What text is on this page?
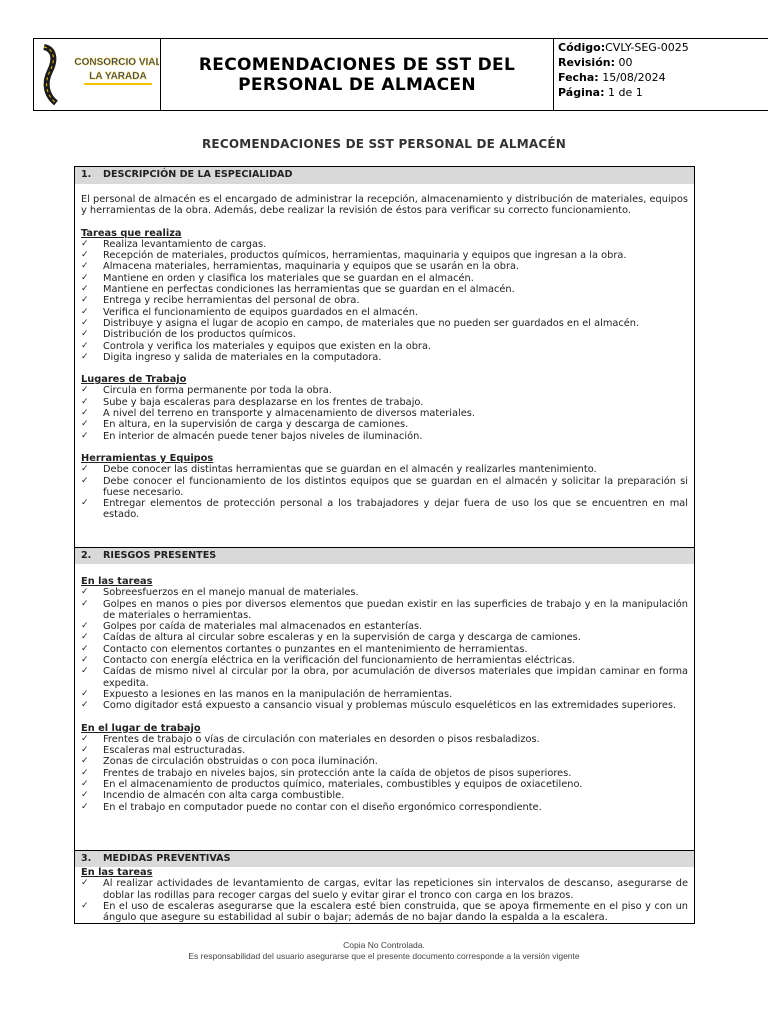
CONSORCIO VIAL
LA YARADA
RECOMENDACIONES DE SST DEL PERSONAL DE ALMACEN
Código:CVLY-SEG-0025
Revisión: 00
Fecha: 15/08/2024
Página: 1 de 1
RECOMENDACIONES DE SST PERSONAL DE ALMACÉN
1. DESCRIPCIÓN DE LA ESPECIALIDAD
El personal de almacén es el encargado de administrar la recepción, almacenamiento y distribución de materiales, equipos y herramientas de la obra. Además, debe realizar la revisión de éstos para verificar su correcto funcionamiento.
Tareas que realiza
✓	Realiza levantamiento de cargas.
✓	Recepción de materiales, productos químicos, herramientas, maquinaria y equipos que ingresan a la obra.
✓	Almacena materiales, herramientas, maquinaria y equipos que se usarán en la obra.
✓	Mantiene en orden y clasifica los materiales que se guardan en el almacén.
✓	Mantiene en perfectas condiciones las herramientas que se guardan en el almacén.
✓	Entrega y recibe herramientas del personal de obra.
✓	Verifica el funcionamiento de equipos guardados en el almacén.
✓	Distribuye y asigna el lugar de acopio en campo, de materiales que no pueden ser guardados en el almacén.
✓	Distribución de los productos químicos.
✓	Controla y verifica los materiales y equipos que existen en la obra.
✓	Digita ingreso y salida de materiales en la computadora.
Lugares de Trabajo
✓	Circula en forma permanente por toda la obra.
✓	Sube y baja escaleras para desplazarse en los frentes de trabajo.
✓	A nivel del terreno en transporte y almacenamiento de diversos materiales.
✓	En altura, en la supervisión de carga y descarga de camiones.
✓	En interior de almacén puede tener bajos niveles de iluminación.
Herramientas y Equipos
✓	Debe conocer las distintas herramientas que se guardan en el almacén y realizarles mantenimiento.
✓	Debe conocer el funcionamiento de los distintos equipos que se guardan en el almacén y solicitar la preparación si fuese necesario.
✓	Entregar elementos de protección personal a los trabajadores y dejar fuera de uso los que se encuentren en mal estado.
2. RIESGOS PRESENTES
En las tareas
✓	Sobreesfuerzos en el manejo manual de materiales.
✓	Golpes en manos o pies por diversos elementos que puedan existir en las superficies de trabajo y en la manipulación de materiales o herramientas.
✓	Golpes por caída de materiales mal almacenados en estanterías.
✓	Caídas de altura al circular sobre escaleras y en la supervisión de carga y descarga de camiones.
✓	Contacto con elementos cortantes o punzantes en el mantenimiento de herramientas.
✓	Contacto con energía eléctrica en la verificación del funcionamiento de herramientas eléctricas.
✓	Caídas de mismo nivel al circular por la obra, por acumulación de diversos materiales que impidan caminar en forma expedita.
✓	Expuesto a lesiones en las manos en la manipulación de herramientas.
✓	Como digitador está expuesto a cansancio visual y problemas músculo esqueléticos en las extremidades superiores.
En el lugar de trabajo
✓	Frentes de trabajo o vías de circulación con materiales en desorden o pisos resbaladizos.
✓	Escaleras mal estructuradas.
✓	Zonas de circulación obstruidas o con poca iluminación.
✓	Frentes de trabajo en niveles bajos, sin protección ante la caída de objetos de pisos superiores.
✓	En el almacenamiento de productos químico, materiales, combustibles y equipos de oxiacetileno.
✓	Incendio de almacén con alta carga combustible.
✓	En el trabajo en computador puede no contar con el diseño ergonómico correspondiente.
3. MEDIDAS PREVENTIVAS
En las tareas
✓	Al realizar actividades de levantamiento de cargas, evitar las repeticiones sin intervalos de descanso, asegurarse de doblar las rodillas para recoger cargas del suelo y evitar girar el tronco con carga en los brazos.
✓	En el uso de escaleras asegurarse que la escalera esté bien construida, que se apoya firmemente en el piso y con un ángulo que asegure su estabilidad al subir o bajar; además de no bajar dando la espalda a la escalera.
Copia No Controlada.
Es responsabilidad del usuario asegurarse que el presente documento corresponde a la versión vigente
